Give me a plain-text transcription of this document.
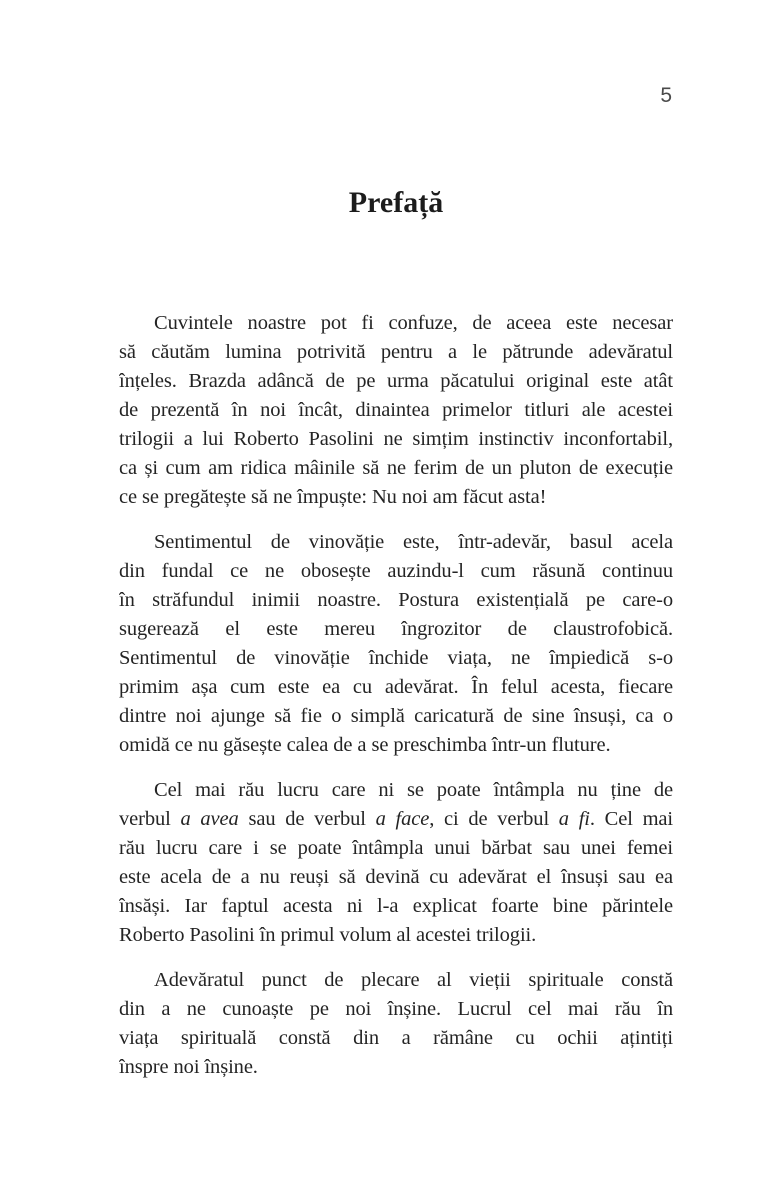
5
Prefață
Cuvintele noastre pot fi confuze, de aceea este necesar
să căutăm lumina potrivită pentru a le pătrunde adevăratul
înțeles. Brazda adâncă de pe urma păcatului original este atât
de prezentă în noi încât, dinaintea primelor titluri ale acestei
trilogii a lui Roberto Pasolini ne simțim instinctiv inconfortabil,
ca și cum am ridica mâinile să ne ferim de un pluton de execuție
ce se pregătește să ne împuște: Nu noi am făcut asta!
Sentimentul de vinovăție este, într-adevăr, basul acela
din fundal ce ne obosește auzindu-l cum răsună continuu
în străfundul inimii noastre. Postura existențială pe care-o
sugerează el este mereu îngrozitor de claustrofobică.
Sentimentul de vinovăție închide viața, ne împiedică s-o
primim așa cum este ea cu adevărat. În felul acesta, fiecare
dintre noi ajunge să fie o simplă caricatură de sine însuși, ca o
omidă ce nu găsește calea de a se preschimba într-un fluture.
Cel mai rău lucru care ni se poate întâmpla nu ține de
verbul a avea sau de verbul a face, ci de verbul a fi. Cel mai
rău lucru care i se poate întâmpla unui bărbat sau unei femei
este acela de a nu reuși să devină cu adevărat el însuși sau ea
însăși. Iar faptul acesta ni l-a explicat foarte bine părintele
Roberto Pasolini în primul volum al acestei trilogii.
Adevăratul punct de plecare al vieții spirituale constă
din a ne cunoaște pe noi înșine. Lucrul cel mai rău în
viața spirituală constă din a rămâne cu ochii ațintiți
înspre noi înșine.
